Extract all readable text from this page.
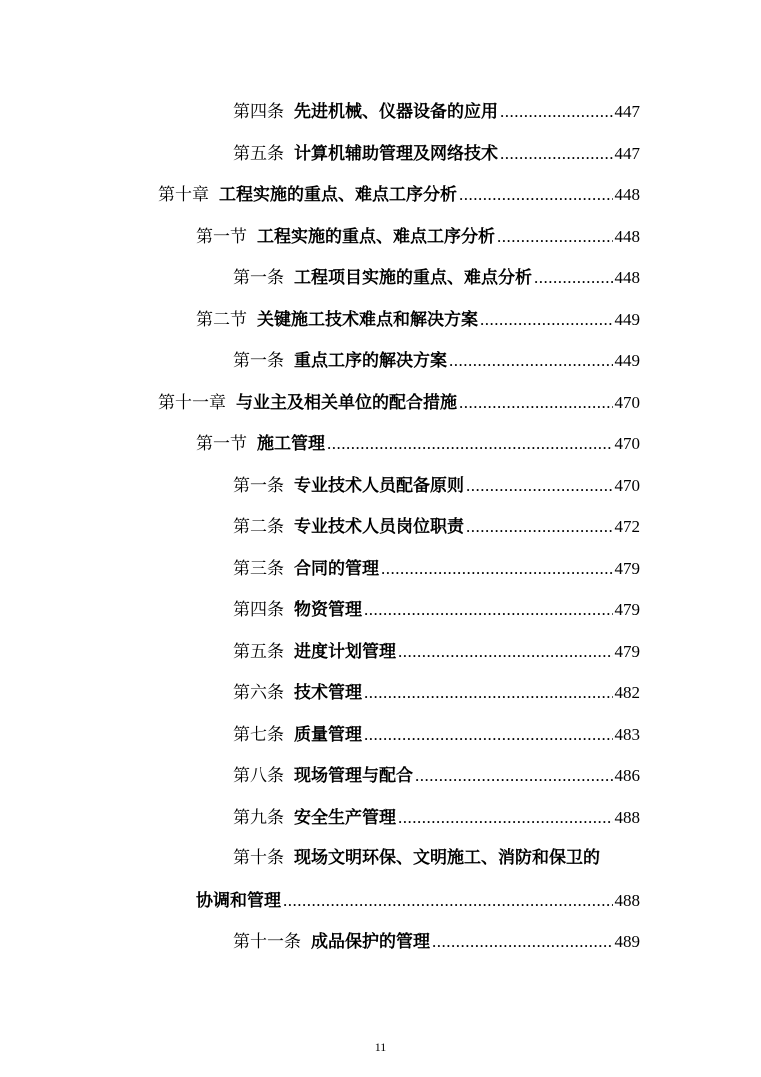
第四条 先进机械、仪器设备的应用 .....	447
第五条 计算机辅助管理及网络技术 .....	447
第十章 工程实施的重点、难点工序分析 .....	448
第一节 工程实施的重点、难点工序分析 .....	448
第一条 工程项目实施的重点、难点分析 .....	448
第二节 关键施工技术难点和解决方案 .....	449
第一条 重点工序的解决方案 .....	449
第十一章 与业主及相关单位的配合措施 .....	470
第一节 施工管理 .....	470
第一条 专业技术人员配备原则 .....	470
第二条 专业技术人员岗位职责 .....	472
第三条 合同的管理 .....	479
第四条 物资管理 .....	479
第五条 进度计划管理 .....	479
第六条 技术管理 .....	482
第七条 质量管理 .....	483
第八条 现场管理与配合 .....	486
第九条 安全生产管理 .....	488
第十条 现场文明环保、文明施工、消防和保卫的
协调和管理 .....	488
第十一条 成品保护的管理 .....	489
11
